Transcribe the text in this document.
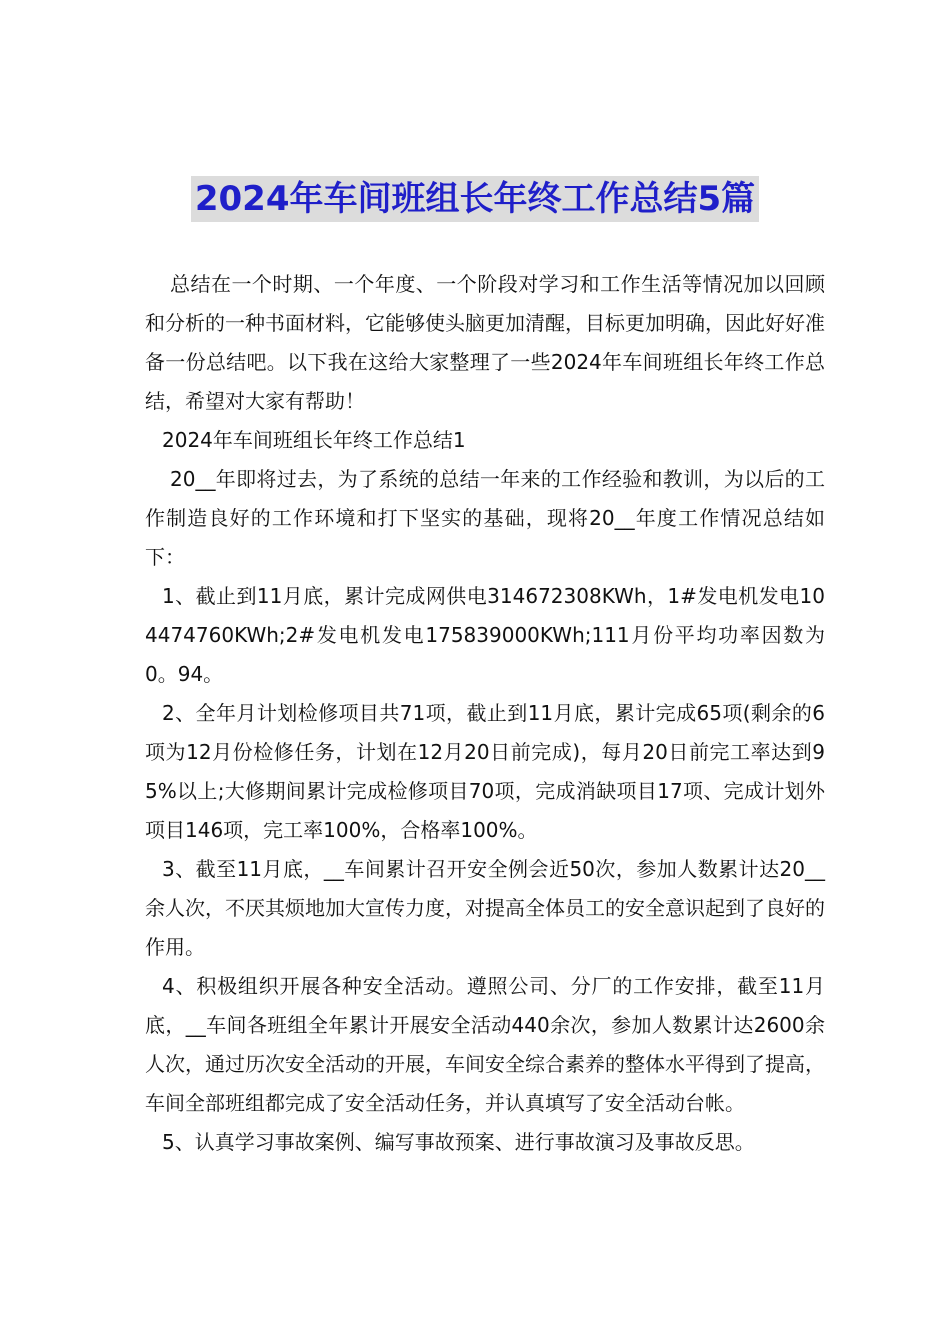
2024年车间班组长年终工作总结5篇

总结在一个时期、一个年度、一个阶段对学习和工作生活等情况加以回顾和分析的一种书面材料，它能够使头脑更加清醒，目标更加明确，因此好好准备一份总结吧。以下我在这给大家整理了一些2024年车间班组长年终工作总结，希望对大家有帮助！

2024年车间班组长年终工作总结1

20__年即将过去，为了系统的总结一年来的工作经验和教训，为以后的工作制造良好的工作环境和打下坚实的基础，现将20__年度工作情况总结如下：

1、截止到11月底，累计完成网供电314672308KWh，1#发电机发电104474760KWh;2#发电机发电175839000KWh;111月份平均功率因数为0。94。

2、全年月计划检修项目共71项，截止到11月底，累计完成65项(剩余的6项为12月份检修任务，计划在12月20日前完成)，每月20日前完工率达到95%以上;大修期间累计完成检修项目70项，完成消缺项目17项、完成计划外项目146项，完工率100%，合格率100%。

3、截至11月底，__车间累计召开安全例会近50次，参加人数累计达20__余人次，不厌其烦地加大宣传力度，对提高全体员工的安全意识起到了良好的作用。

4、积极组织开展各种安全活动。遵照公司、分厂的工作安排，截至11月底，__车间各班组全年累计开展安全活动440余次，参加人数累计达2600余人次，通过历次安全活动的开展，车间安全综合素养的整体水平得到了提高，车间全部班组都完成了安全活动任务，并认真填写了安全活动台帐。

5、认真学习事故案例、编写事故预案、进行事故演习及事故反思。
